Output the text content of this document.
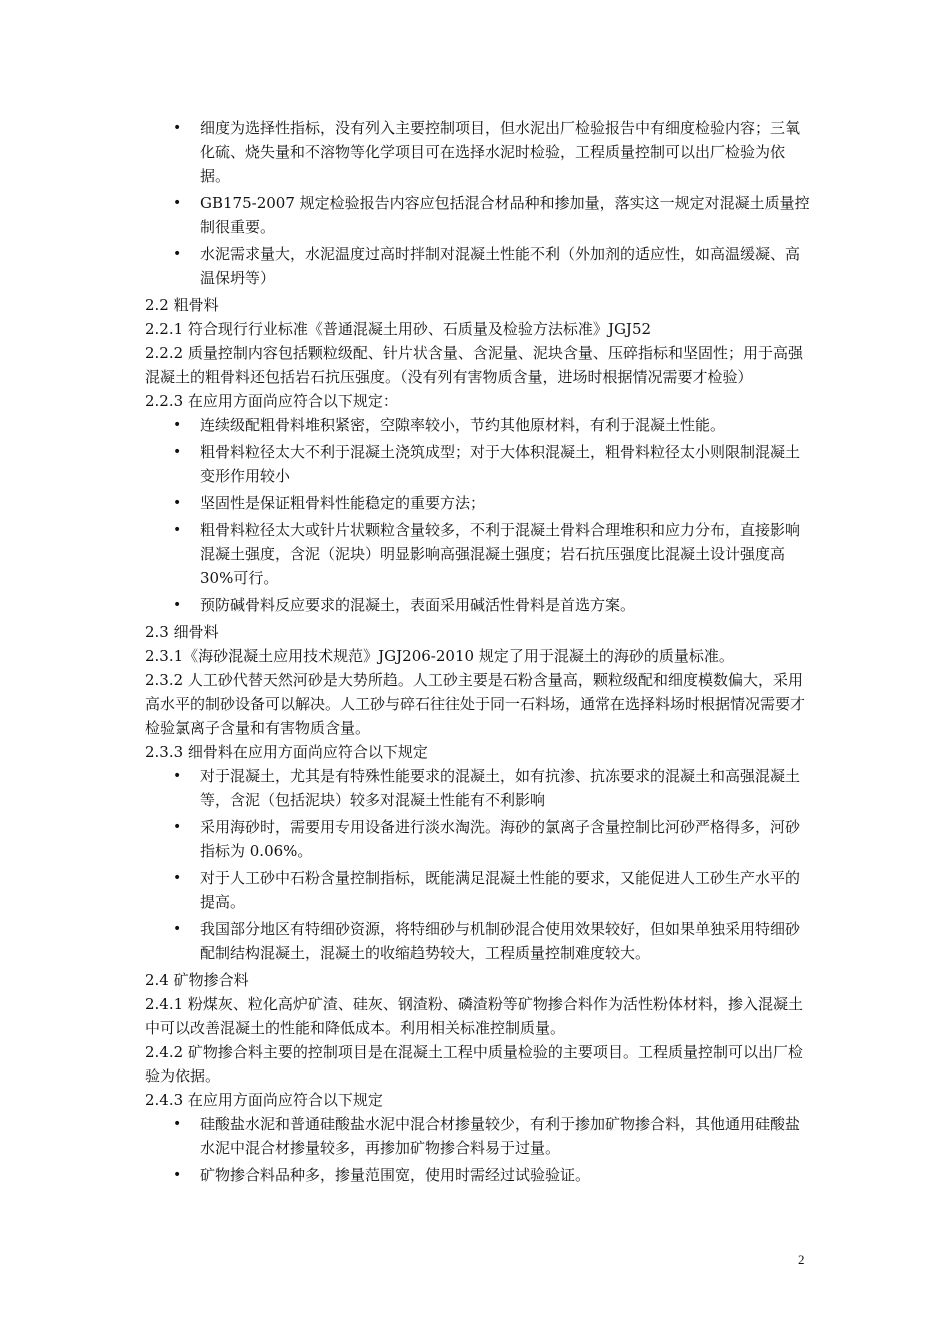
• 细度为选择性指标，没有列入主要控制项目，但水泥出厂检验报告中有细度检验内容；三氧化硫、烧失量和不溶物等化学项目可在选择水泥时检验，工程质量控制可以出厂检验为依据。
• GB175-2007 规定检验报告内容应包括混合材品种和掺加量，落实这一规定对混凝土质量控制很重要。
• 水泥需求量大，水泥温度过高时拌制对混凝土性能不利（外加剂的适应性，如高温缓凝、高温保坍等）

2.2 粗骨料

2.2.1 符合现行行业标准《普通混凝土用砂、石质量及检验方法标准》JGJ52

2.2.2 质量控制内容包括颗粒级配、针片状含量、含泥量、泥块含量、压碎指标和坚固性；用于高强混凝土的粗骨料还包括岩石抗压强度。（没有列有害物质含量，进场时根据情况需要才检验）

2.2.3 在应用方面尚应符合以下规定：

• 连续级配粗骨料堆积紧密，空隙率较小，节约其他原材料，有利于混凝土性能。
• 粗骨料粒径太大不利于混凝土浇筑成型；对于大体积混凝土，粗骨料粒径太小则限制混凝土变形作用较小
• 坚固性是保证粗骨料性能稳定的重要方法；
• 粗骨料粒径太大或针片状颗粒含量较多，不利于混凝土骨料合理堆积和应力分布，直接影响混凝土强度，含泥（泥块）明显影响高强混凝土强度；岩石抗压强度比混凝土设计强度高 30%可行。
• 预防碱骨料反应要求的混凝土，表面采用碱活性骨料是首选方案。

2.3 细骨料

2.3.1《海砂混凝土应用技术规范》JGJ206-2010 规定了用于混凝土的海砂的质量标准。

2.3.2 人工砂代替天然河砂是大势所趋。人工砂主要是石粉含量高，颗粒级配和细度模数偏大，采用高水平的制砂设备可以解决。人工砂与碎石往往处于同一石料场，通常在选择料场时根据情况需要才检验氯离子含量和有害物质含量。

2.3.3 细骨料在应用方面尚应符合以下规定

• 对于混凝土，尤其是有特殊性能要求的混凝土，如有抗渗、抗冻要求的混凝土和高强混凝土等，含泥（包括泥块）较多对混凝土性能有不利影响
• 采用海砂时，需要用专用设备进行淡水淘洗。海砂的氯离子含量控制比河砂严格得多，河砂指标为 0.06%。
• 对于人工砂中石粉含量控制指标，既能满足混凝土性能的要求，又能促进人工砂生产水平的提高。
• 我国部分地区有特细砂资源，将特细砂与机制砂混合使用效果较好，但如果单独采用特细砂配制结构混凝土，混凝土的收缩趋势较大，工程质量控制难度较大。

2.4 矿物掺合料

2.4.1 粉煤灰、粒化高炉矿渣、硅灰、钢渣粉、磷渣粉等矿物掺合料作为活性粉体材料，掺入混凝土中可以改善混凝土的性能和降低成本。利用相关标准控制质量。

2.4.2 矿物掺合料主要的控制项目是在混凝土工程中质量检验的主要项目。工程质量控制可以出厂检验为依据。

2.4.3 在应用方面尚应符合以下规定

• 硅酸盐水泥和普通硅酸盐水泥中混合材掺量较少，有利于掺加矿物掺合料，其他通用硅酸盐水泥中混合材掺量较多，再掺加矿物掺合料易于过量。
• 矿物掺合料品种多，掺量范围宽，使用时需经过试验验证。
2
